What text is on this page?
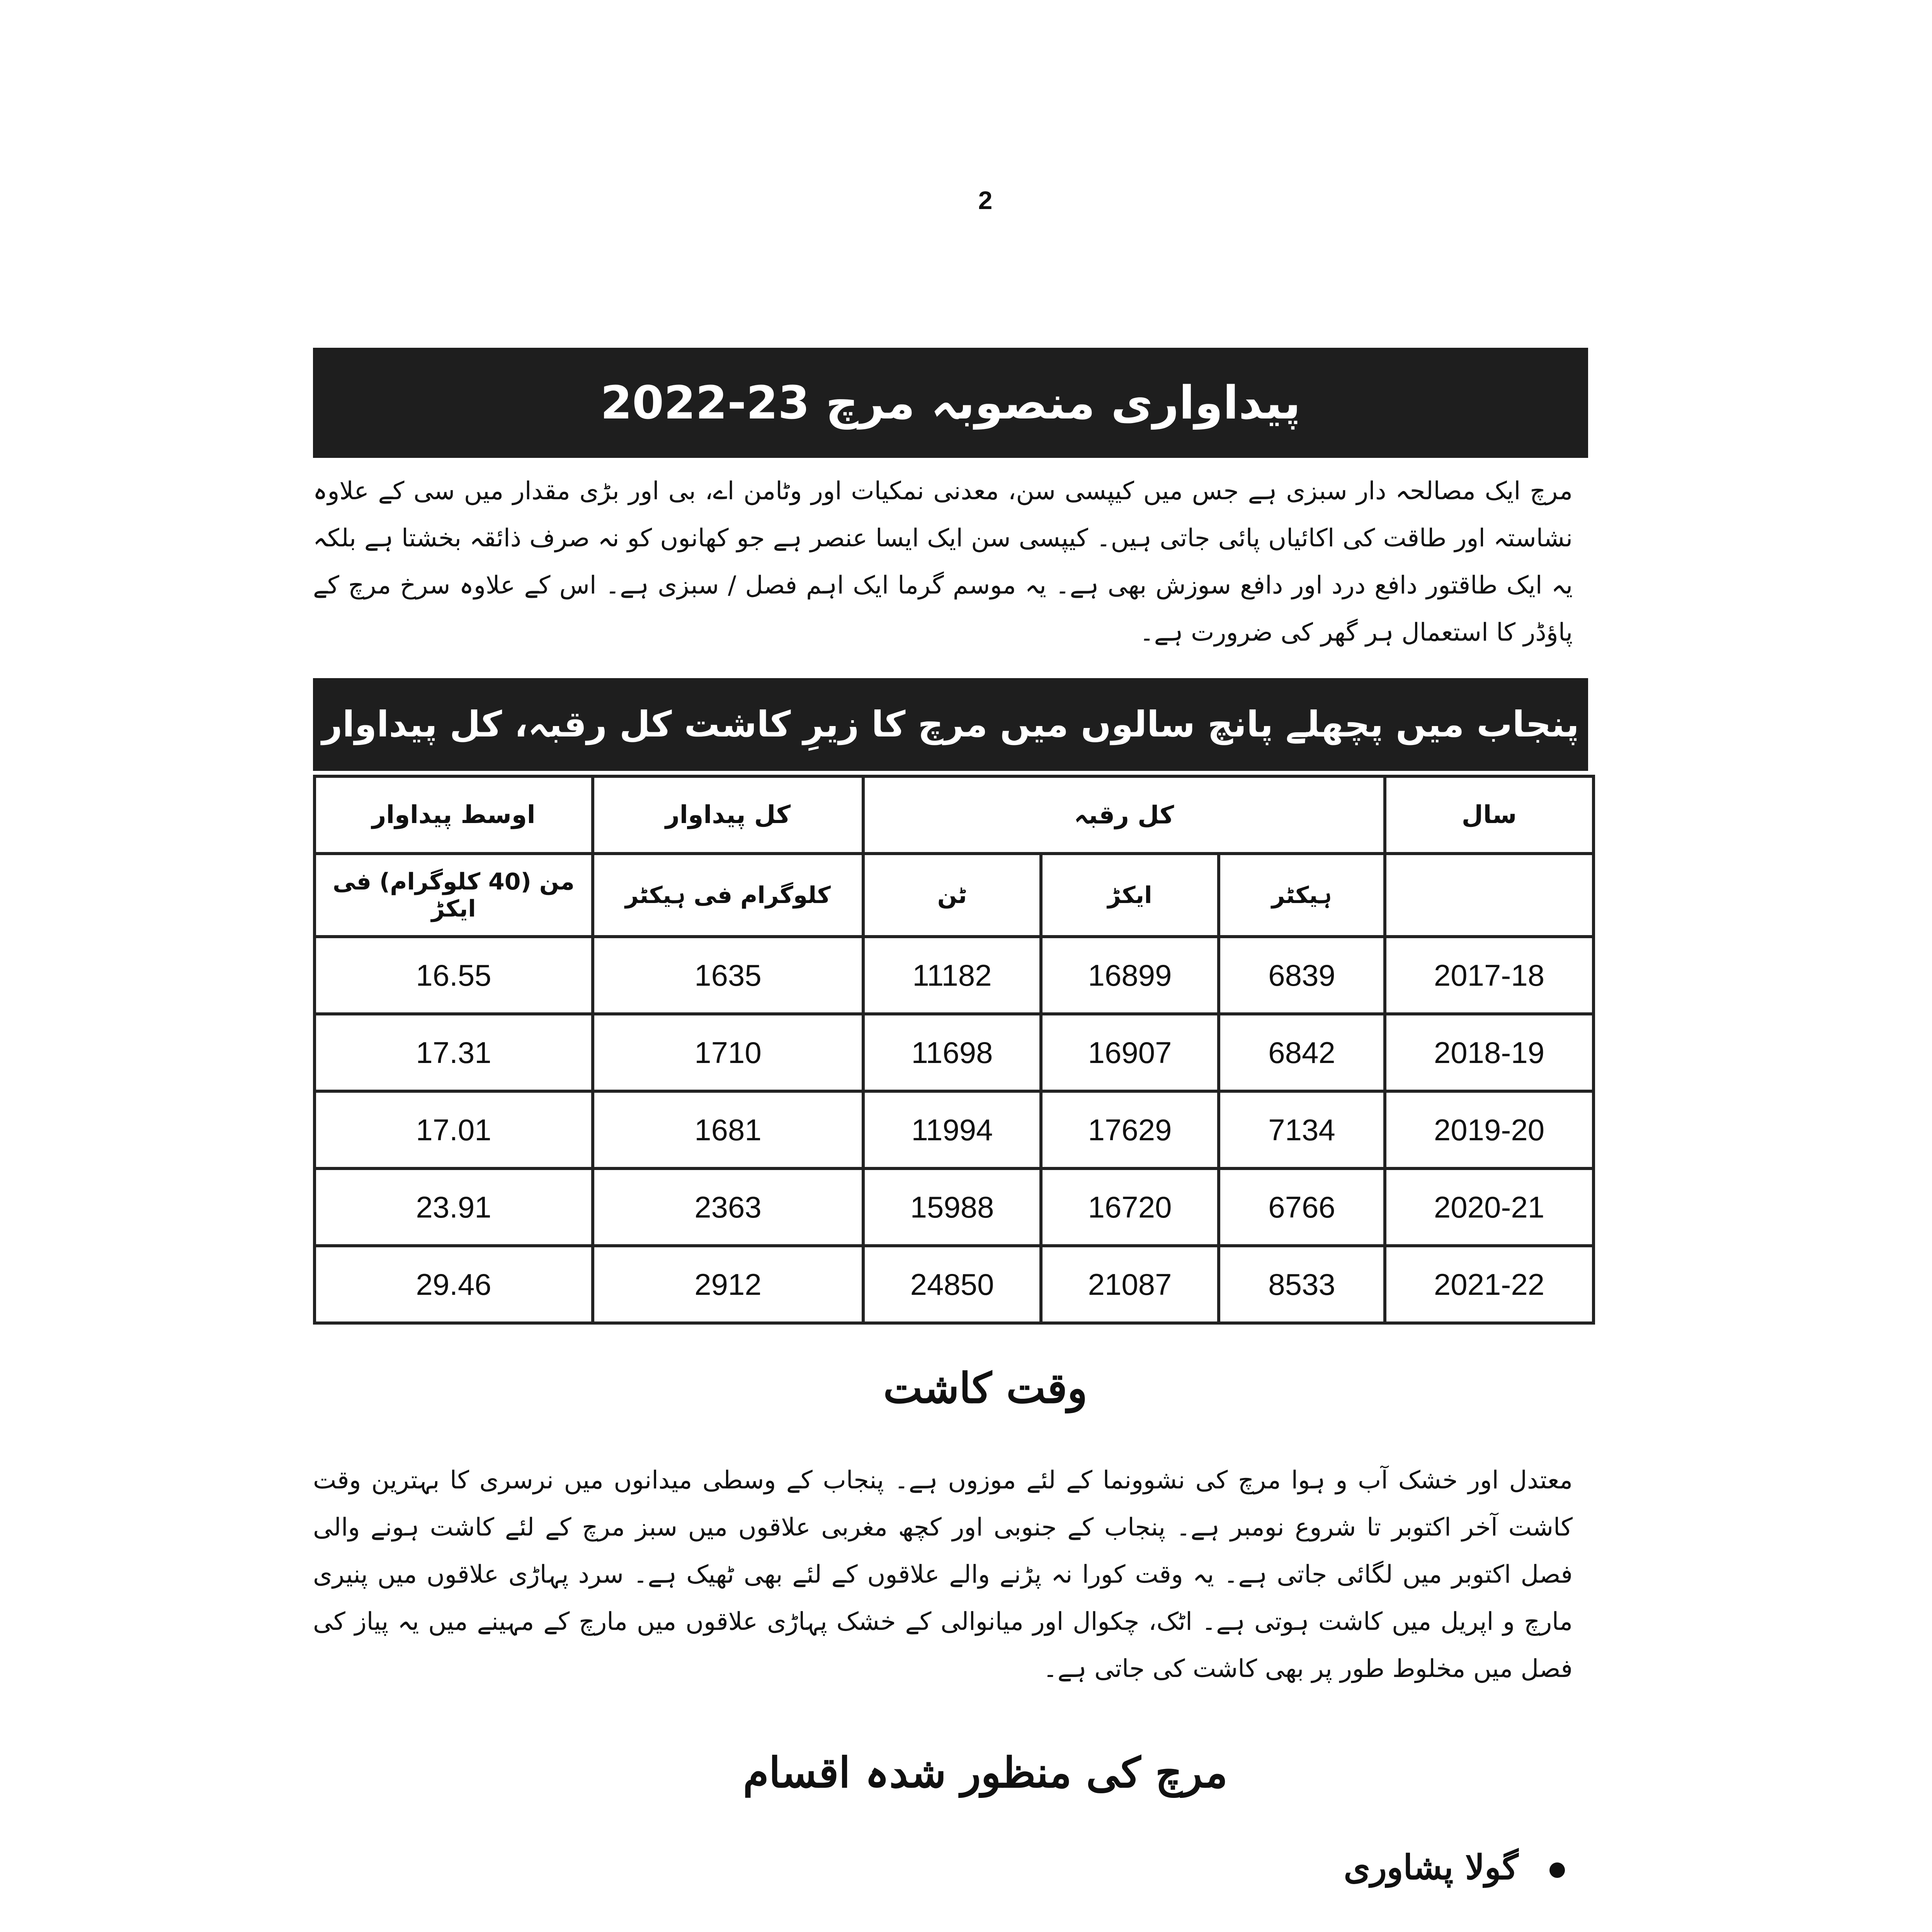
2
پیداواری منصوبہ مرچ 23-2022
مرچ ایک مصالحہ دار سبزی ہے جس میں کیپسی سن، معدنی نمکیات اور وٹامن اے، بی اور بڑی مقدار میں سی کے علاوہ نشاستہ اور طاقت کی اکائیاں پائی جاتی ہیں۔ کیپسی سن ایک ایسا عنصر ہے جو کھانوں کو نہ صرف ذائقہ بخشتا ہے بلکہ یہ ایک طاقتور دافع درد اور دافع سوزش بھی ہے۔ یہ موسم گرما ایک اہم فصل / سبزی ہے۔ اس کے علاوہ سرخ مرچ کے پاؤڈر کا استعمال ہر گھر کی ضرورت ہے۔
پنجاب میں پچھلے پانچ سالوں میں مرچ کا زیرِ کاشت کل رقبہ، کل پیداوار اور اوسط پیداوار	سال	کل رقبہ			کل پیداوار	اوسط پیداوار
	ہیکٹر	ایکڑ	ٹن	کلوگرام فی ہیکٹر	من (40 کلوگرام) فی ایکڑ
2017-18	6839	16899	11182	1635	16.55
2018-19	6842	16907	11698	1710	17.31
2019-20	7134	17629	11994	1681	17.01
2020-21	6766	16720	15988	2363	23.91
2021-22	8533	21087	24850	2912	29.46
وقت کاشت
معتدل اور خشک آب و ہوا مرچ کی نشوونما کے لئے موزوں ہے۔ پنجاب کے وسطی میدانوں میں نرسری کا بہترین وقت کاشت آخر اکتوبر تا شروع نومبر ہے۔ پنجاب کے جنوبی اور کچھ مغربی علاقوں میں سبز مرچ کے لئے کاشت ہونے والی فصل اکتوبر میں لگائی جاتی ہے۔ یہ وقت کورا نہ پڑنے والے علاقوں کے لئے بھی ٹھیک ہے۔ سرد پہاڑی علاقوں میں پنیری مارچ و اپریل میں کاشت ہوتی ہے۔ اٹک، چکوال اور میانوالی کے خشک پہاڑی علاقوں میں مارچ کے مہینے میں یہ پیاز کی فصل میں مخلوط طور پر بھی کاشت کی جاتی ہے۔
مرچ کی منظور شدہ اقسام
گولا پشاوری
